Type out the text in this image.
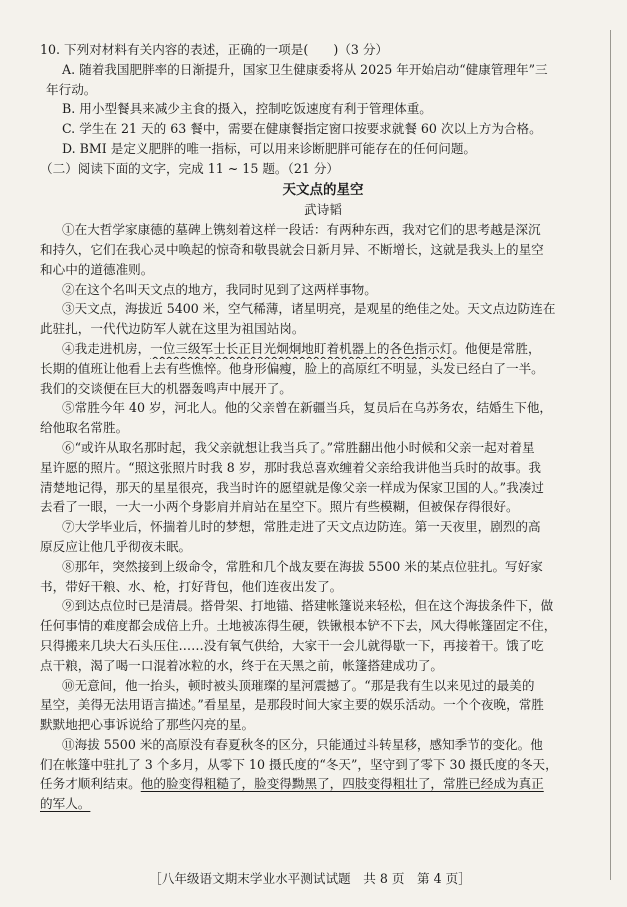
10. 下列对材料有关内容的表述，正确的一项是(　　)（3 分）
A. 随着我国肥胖率的日渐提升，国家卫生健康委将从 2025 年开始启动“健康管理年”三
年行动。
B. 用小型餐具来减少主食的摄入，控制吃饭速度有利于管理体重。
C. 学生在 21 天的 63 餐中，需要在健康餐指定窗口按要求就餐 60 次以上方为合格。
D. BMI 是定义肥胖的唯一指标，可以用来诊断肥胖可能存在的任何问题。
（二）阅读下面的文字，完成 11 ~ 15 题。（21 分）
天文点的星空
武诗韬
①在大哲学家康德的墓碑上镌刻着这样一段话：有两种东西，我对它们的思考越是深沉
和持久，它们在我心灵中唤起的惊奇和敬畏就会日新月异、不断增长，这就是我头上的星空
和心中的道德准则。
②在这个名叫天文点的地方，我同时见到了这两样事物。
③天文点，海拔近 5400 米，空气稀薄，诸星明亮，是观星的绝佳之处。天文点边防连在
此驻扎，一代代边防军人就在这里为祖国站岗。
④我走进机房，一位三级军士长正目光炯炯地盯着机器上的各色指示灯。他便是常胜，
长期的值班让他看上去有些憔悴。他身形偏瘦，脸上的高原红不明显，头发已经白了一半。
我们的交谈便在巨大的机器轰鸣声中展开了。
⑤常胜今年 40 岁，河北人。他的父亲曾在新疆当兵，复员后在乌苏务农，结婚生下他，
给他取名常胜。
⑥“或许从取名那时起，我父亲就想让我当兵了。”常胜翻出他小时候和父亲一起对着星
星许愿的照片。“照这张照片时我 8 岁，那时我总喜欢缠着父亲给我讲他当兵时的故事。我
清楚地记得，那天的星星很亮，我当时许的愿望就是像父亲一样成为保家卫国的人。”我凑过
去看了一眼，一大一小两个身影肩并肩站在星空下。照片有些模糊，但被保存得很好。
⑦大学毕业后，怀揣着儿时的梦想，常胜走进了天文点边防连。第一天夜里，剧烈的高
原反应让他几乎彻夜未眠。
⑧那年，突然接到上级命令，常胜和几个战友要在海拔 5500 米的某点位驻扎。写好家
书，带好干粮、水、枪，打好背包，他们连夜出发了。
⑨到达点位时已是清晨。搭骨架、打地锚、搭建帐篷说来轻松，但在这个海拔条件下，做
任何事情的难度都会成倍上升。土地被冻得生硬，铁锹根本铲不下去，风大得帐篷固定不住，
只得搬来几块大石头压住……没有氧气供给，大家干一会儿就得歇一下，再接着干。饿了吃
点干粮，渴了喝一口混着冰粒的水，终于在天黑之前，帐篷搭建成功了。
⑩无意间，他一抬头，顿时被头顶璀璨的星河震撼了。“那是我有生以来见过的最美的
星空，美得无法用语言描述。”看星星，是那段时间大家主要的娱乐活动。一个个夜晚，常胜
默默地把心事诉说给了那些闪亮的星。
⑪海拔 5500 米的高原没有春夏秋冬的区分，只能通过斗转星移，感知季节的变化。他
们在帐篷中驻扎了 3 个多月，从零下 10 摄氏度的“冬天”，坚守到了零下 30 摄氏度的冬天，
任务才顺利结束。他的脸变得粗糙了，脸变得黝黑了，四肢变得粗壮了，常胜已经成为真正
的军人。
［八年级语文期末学业水平测试试题　共 8 页　第 4 页］
